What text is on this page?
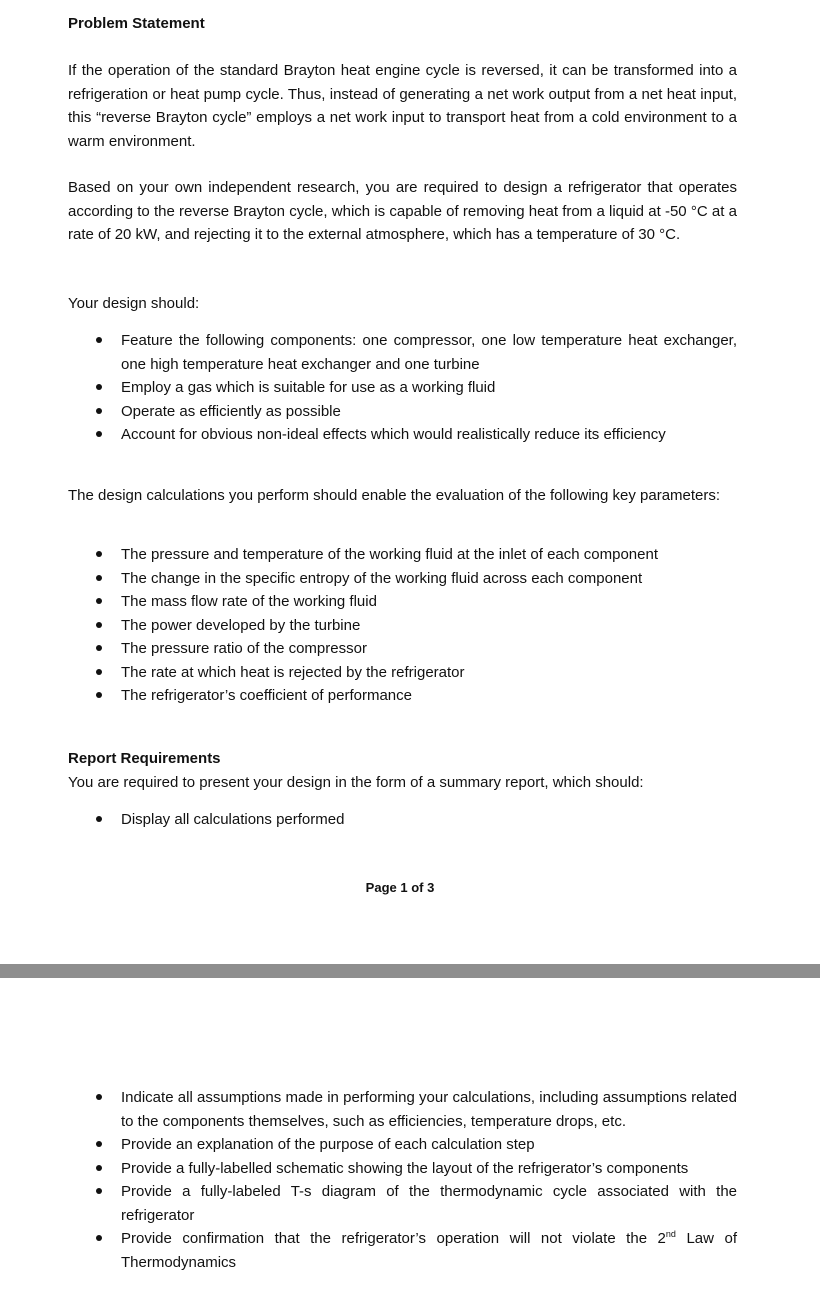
Problem Statement

If the operation of the standard Brayton heat engine cycle is reversed, it can be transformed into a refrigeration or heat pump cycle. Thus, instead of generating a net work output from a net heat input, this “reverse Brayton cycle” employs a net work input to transport heat from a cold environment to a warm environment.

Based on your own independent research, you are required to design a refrigerator that operates according to the reverse Brayton cycle, which is capable of removing heat from a liquid at -50 °C at a rate of 20 kW, and rejecting it to the external atmosphere, which has a temperature of 30 °C.

Your design should:

Feature the following components: one compressor, one low temperature heat exchanger, one high temperature heat exchanger and one turbine
Employ a gas which is suitable for use as a working fluid
Operate as efficiently as possible
Account for obvious non-ideal effects which would realistically reduce its efficiency

The design calculations you perform should enable the evaluation of the following key parameters:

The pressure and temperature of the working fluid at the inlet of each component
The change in the specific entropy of the working fluid across each component
The mass flow rate of the working fluid
The power developed by the turbine
The pressure ratio of the compressor
The rate at which heat is rejected by the refrigerator
The refrigerator’s coefficient of performance

Report Requirements

You are required to present your design in the form of a summary report, which should:

Display all calculations performed

Page 1 of 3

Indicate all assumptions made in performing your calculations, including assumptions related to the components themselves, such as efficiencies, temperature drops, etc.
Provide an explanation of the purpose of each calculation step
Provide a fully-labelled schematic showing the layout of the refrigerator’s components
Provide a fully-labeled T-s diagram of the thermodynamic cycle associated with the refrigerator
Provide confirmation that the refrigerator’s operation will not violate the 2nd Law of Thermodynamics
